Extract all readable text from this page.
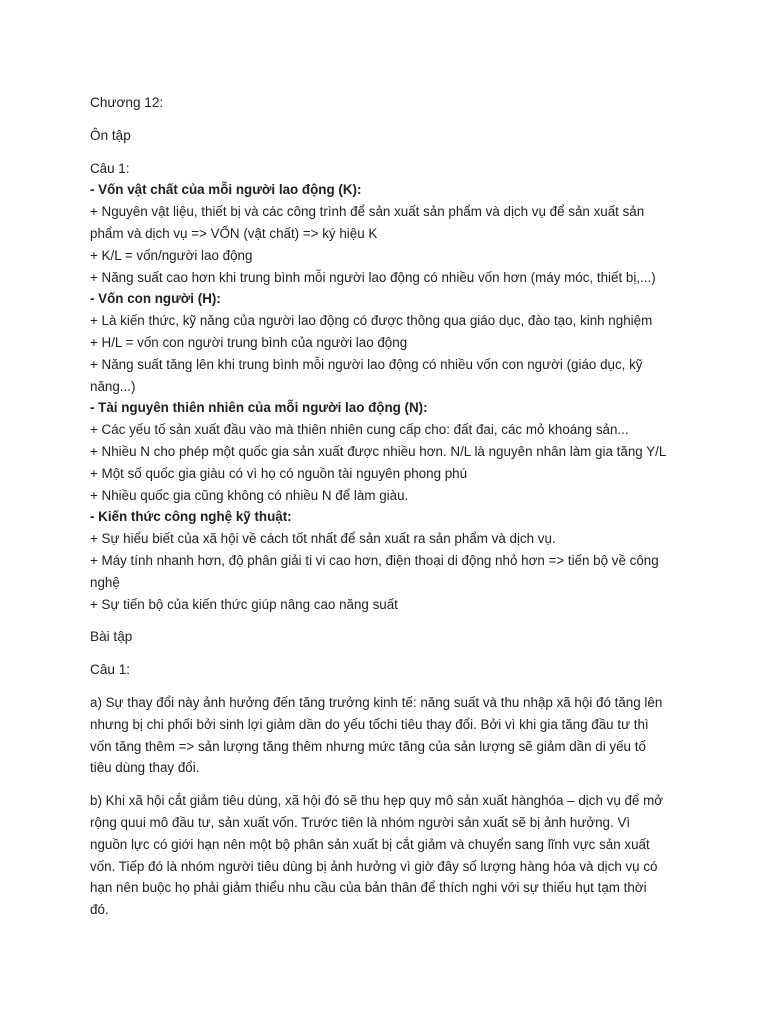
Chương 12:

Ôn tập

Câu 1:

- Vốn vật chất của mỗi người lao động (K):

+ Nguyên vật liệu, thiết bị và các công trình để sản xuất sản phẩm và dịch vụ để sản xuất sản

phẩm và dịch vụ => VỐN (vật chất) => ký hiệu K

+ K/L = vốn/người lao động

+ Năng suất cao hơn khi trung bình mỗi người lao động có nhiều vốn hơn (máy móc, thiết bị,...)

- Vốn con người (H):

+ Là kiến thức, kỹ năng của người lao động có được thông qua giáo dục, đào tạo, kinh nghiệm

+ H/L = vốn con người trung bình của người lao động

+ Năng suất tăng lên khi trung bình mỗi người lao động có nhiều vốn con người (giáo dục, kỹ

năng...)

- Tài nguyên thiên nhiên của mỗi người lao động (N):

+ Các yếu tố sản xuất đầu vào mà thiên nhiên cung cấp cho: đất đai, các mỏ khoáng sản...

+ Nhiều N cho phép một quốc gia sản xuất được nhiều hơn. N/L là nguyên nhân làm gia tăng Y/L

+ Một số quốc gia giàu có vì họ có nguồn tài nguyên phong phú

+ Nhiều quốc gia cũng không có nhiều N để làm giàu.

- Kiến thức công nghệ kỹ thuật:

+ Sự hiểu biết của xã hội về cách tốt nhất để sản xuất ra sản phẩm và dịch vụ.

+ Máy tính nhanh hơn, độ phân giải ti vi cao hơn, điện thoại di động nhỏ hơn => tiến bộ về công

nghệ

+ Sự tiến bộ của kiến thức giúp nâng cao năng suất

Bài tập

Câu 1:

a) Sự thay đổi này ảnh hưởng đến tăng trưởng kinh tế: năng suất và thu nhập xã hội đó tăng lên

nhưng bị chi phối bởi sinh lợi giảm dần do yếu tốchi tiêu thay đổi. Bởi vì khi gia tăng đầu tư thì

vốn tăng thêm => sản lượng tăng thêm nhưng mức tăng của sản lượng sẽ giảm dần di yếu tố

tiêu dùng thay đổi.

b) Khi xã hội cắt giảm tiêu dùng, xã hội đó sẽ thu hẹp quy mô sản xuất hànghóa – dịch vụ để mở

rộng quui mô đầu tư, sản xuất vốn. Trước tiên là nhóm người sản xuất sẽ bị ảnh hưởng. Vì

nguồn lực có giới hạn nên một bộ phân sản xuất bị cắt giảm và chuyển sang lĩnh vực sản xuất

vốn. Tiếp đó là nhóm người tiêu dùng bị ảnh hưởng vì giờ đây số lượng hàng hóa và dịch vụ có

hạn nên buộc họ phải giảm thiểu nhu cầu của bản thân để thích nghi với sự thiếu hụt tạm thời

đó.
